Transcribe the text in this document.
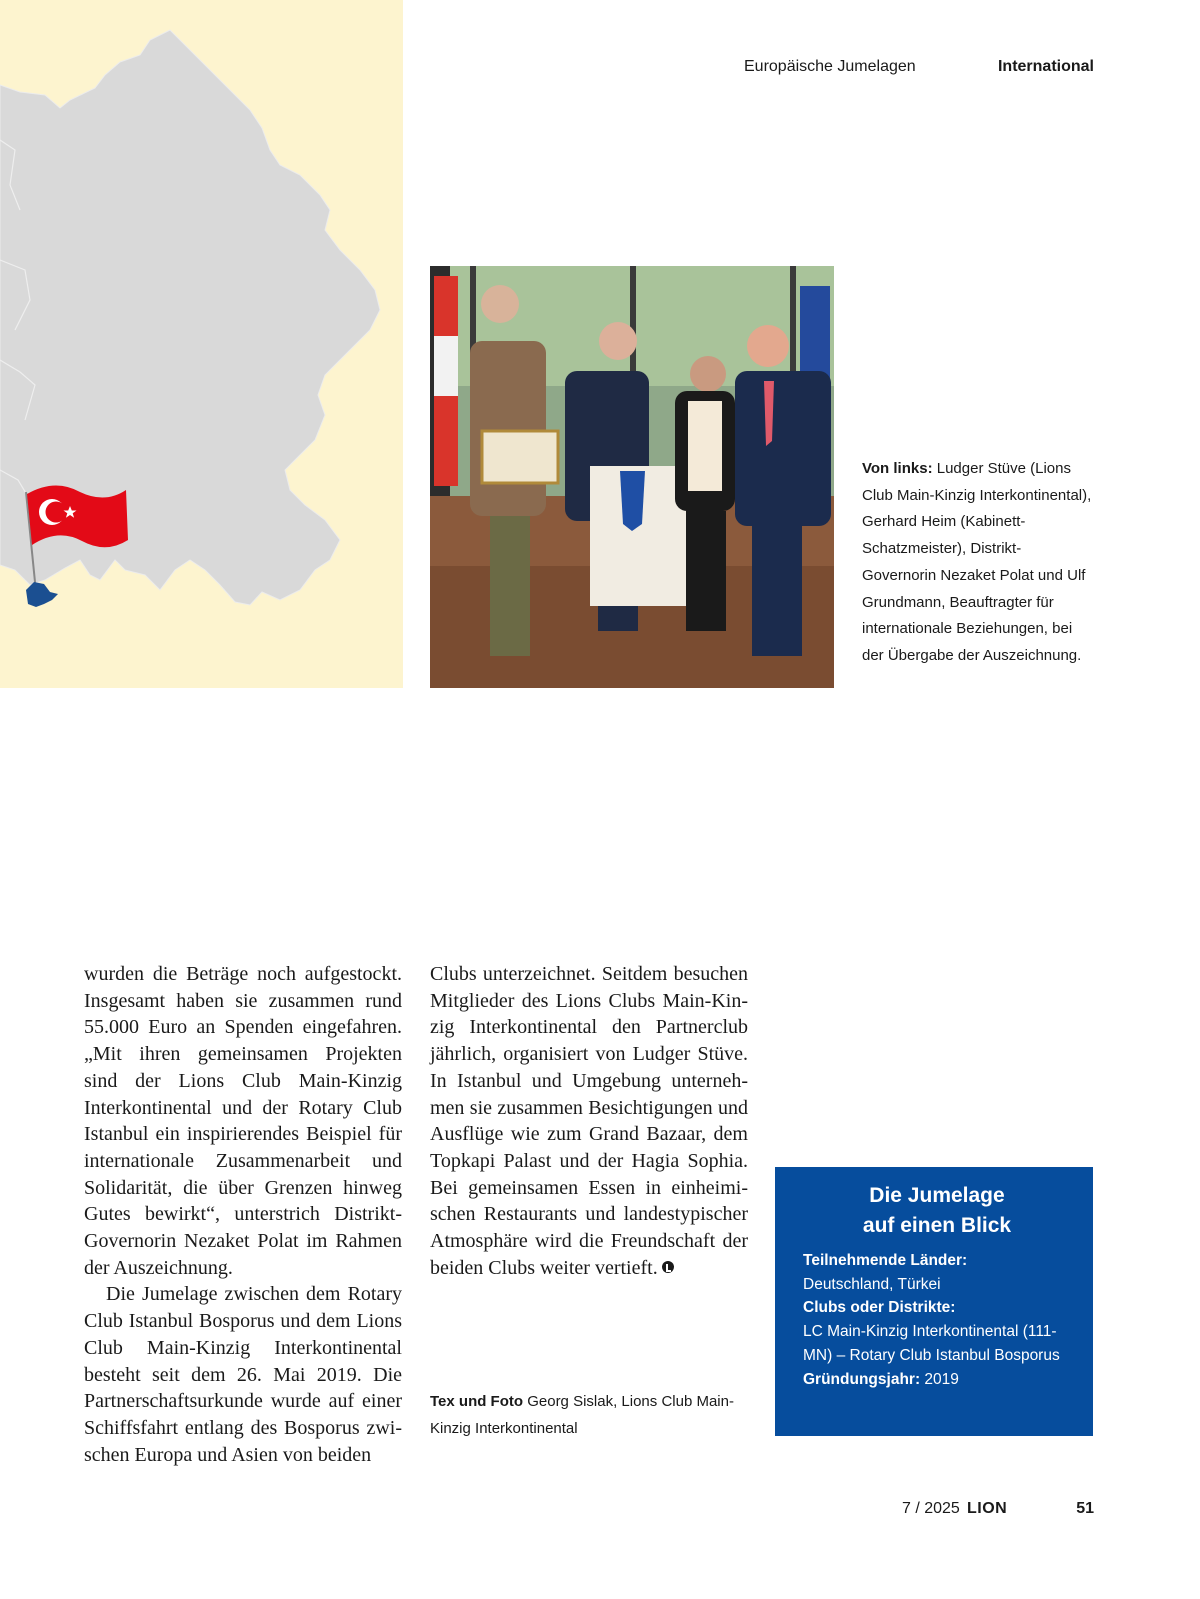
Europäische Jumelagen	International
Von links: Ludger Stüve (Lions Club Main-Kinzig Interkontinental), Gerhard Heim (Kabinett-Schatzmeister), Distrikt-Governorin Nezaket Polat und Ulf Grundmann, Beauftragter für internationale Beziehungen, bei der Übergabe der Auszeichnung.

wurden die Beträge noch aufgestockt. Insgesamt haben sie zusammen rund 55.000 Euro an Spenden eingefahren. „Mit ihren gemeinsamen Projekten sind der Lions Club Main-Kinzig Interkontinental und der Rotary Club Istanbul ein inspirierendes Beispiel für internationale Zusammenarbeit und Solidarität, die über Grenzen hinweg Gutes bewirkt“, unterstrich Distrikt-Governorin Nezaket Polat im Rahmen der Auszeichnung.

Die Jumelage zwischen dem Rotary Club Istanbul Bosporus und dem Lions Club Main-Kinzig Interkontinental besteht seit dem 26. Mai 2019. Die Partnerschaftsurkunde wurde auf einer Schiffsfahrt entlang des Bosporus zwischen Europa und Asien von beiden

Clubs unterzeichnet. Seitdem besuchen Mitglieder des Lions Clubs Main-Kinzig Interkontinental den Partnerclub jährlich, organisiert von Ludger Stüve. In Istanbul und Umgebung unternehmen sie zusammen Besichtigungen und Ausflüge wie zum Grand Bazaar, dem Topkapi Palast und der Hagia Sophia. Bei gemeinsamen Essen in einheimischen Restaurants und landestypischer Atmosphäre wird die Freundschaft der beiden Clubs weiter vertieft.

Tex und Foto Georg Sislak, Lions Club Main-Kinzig Interkontinental
Die Jumelage
auf einen Blick
Teilnehmende Länder:
Deutschland, Türkei
Clubs oder Distrikte:
LC Main-Kinzig Interkontinental (111-MN) – Rotary Club Istanbul Bosporus
Gründungsjahr: 2019
7 / 2025 LION	51
